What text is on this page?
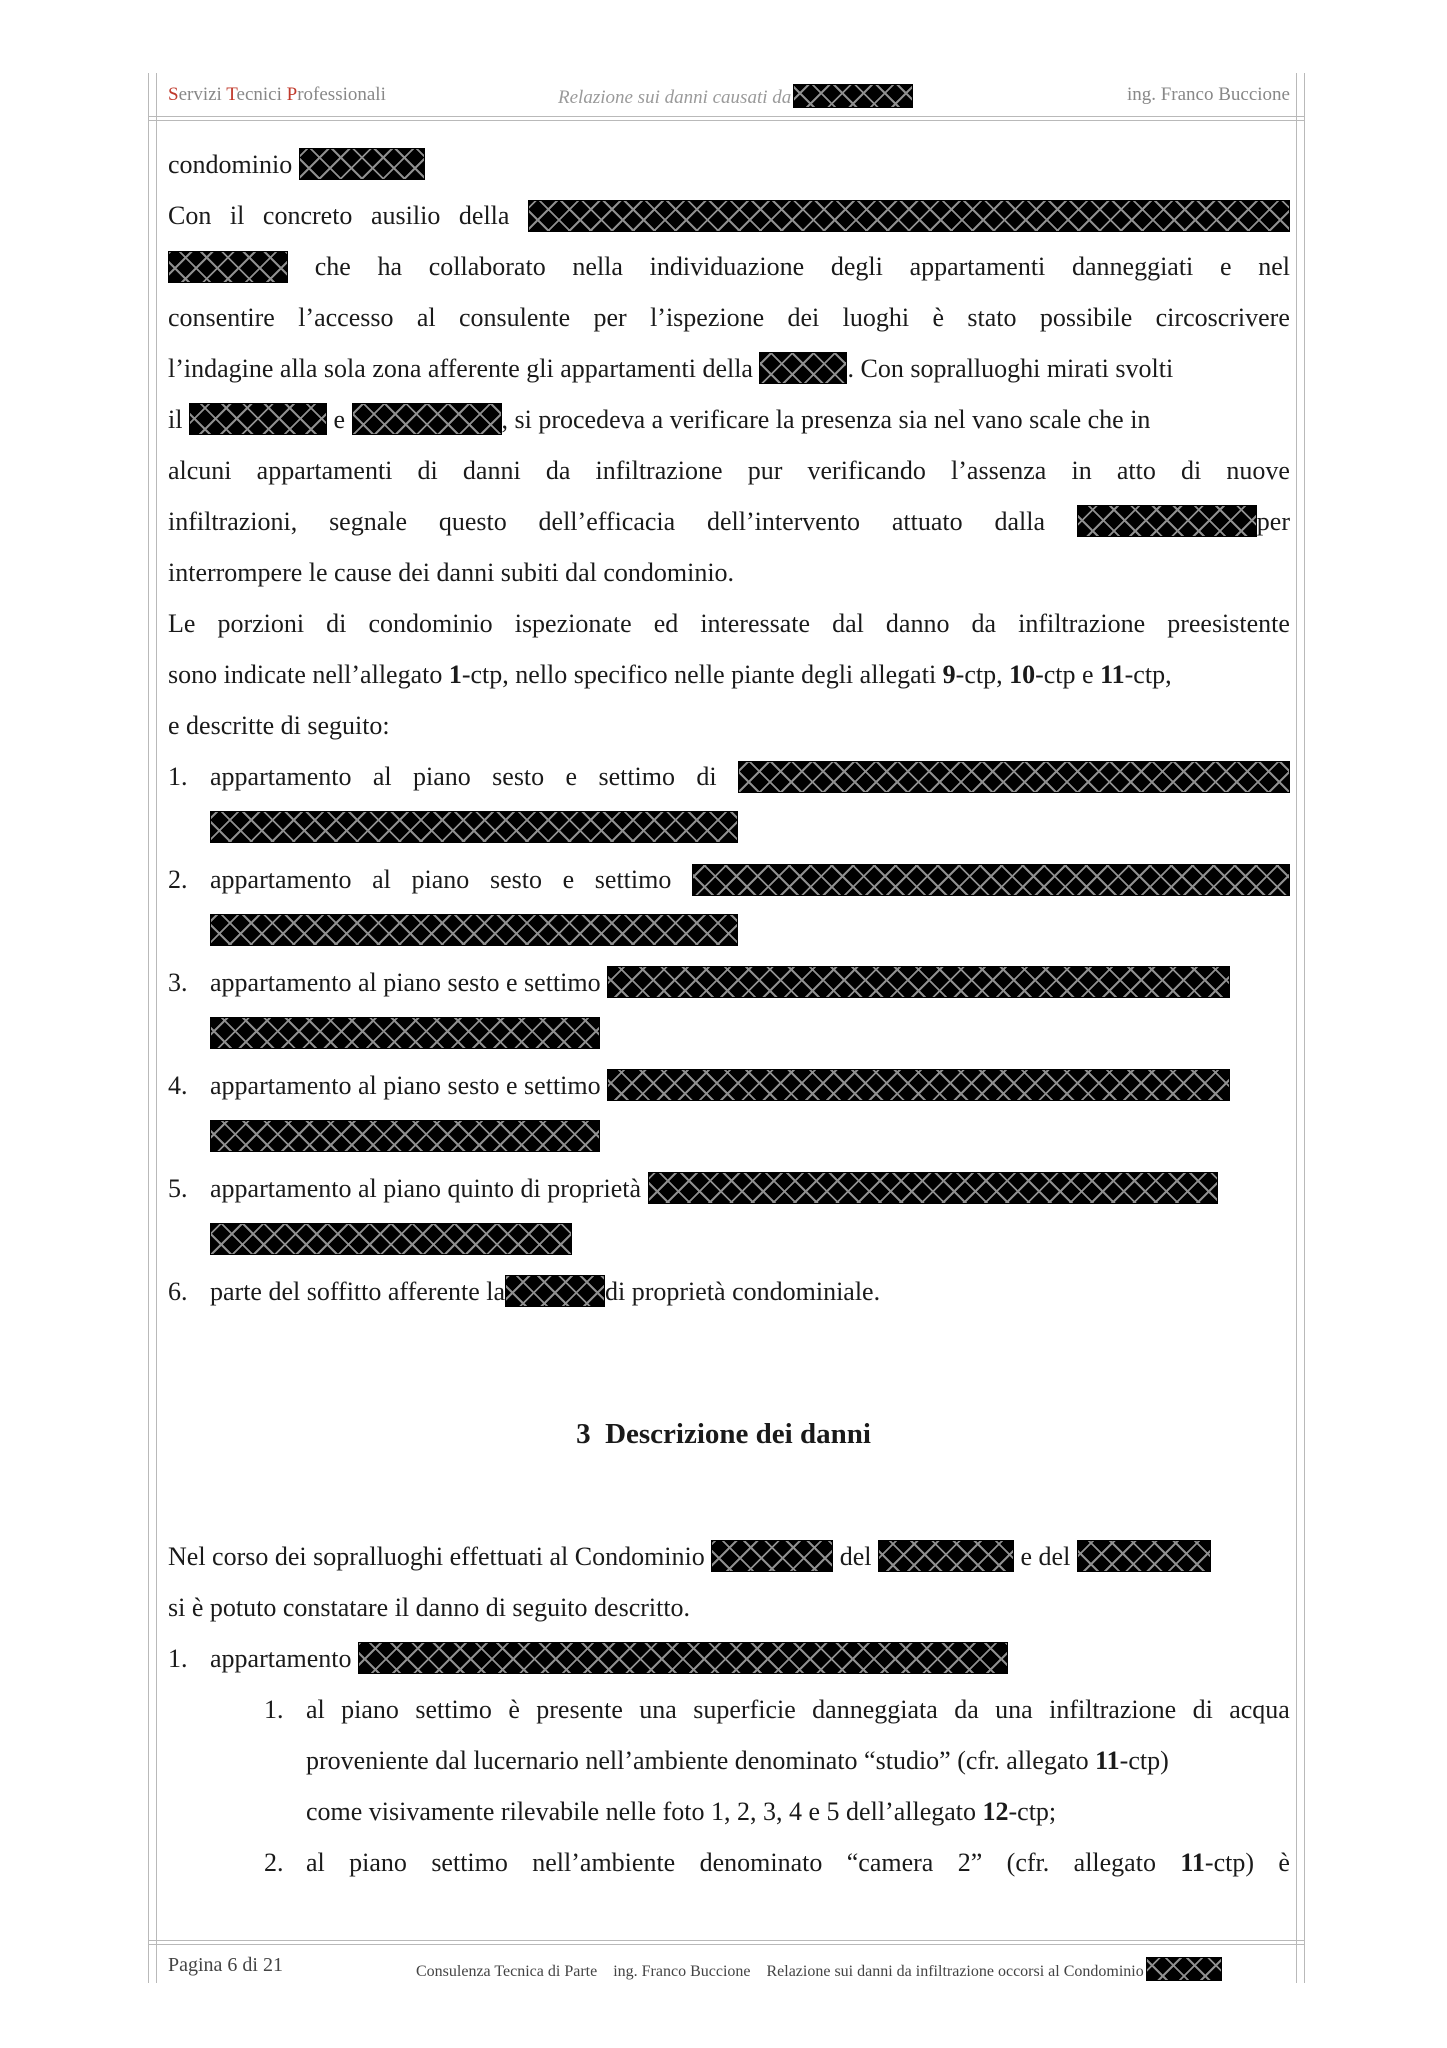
Servizi Tecnici Professionali	Relazione sui danni causati da	ing. Franco Buccione
condominio
Con il concreto ausilio della
che ha collaborato nella individuazione degli appartamenti danneggiati e nel
consentire l’accesso al consulente per l’ispezione dei luoghi è stato possibile circoscrivere
l’indagine alla sola zona afferente gli appartamenti della	. Con sopralluoghi mirati svolti
il	e	, si procedeva a verificare la presenza sia nel vano scale che in
alcuni appartamenti di danni da infiltrazione pur verificando l’assenza in atto di nuove
infiltrazioni, segnale questo dell’efficacia dell’intervento attuato dalla	per
interrompere le cause dei danni subiti dal condominio.
Le porzioni di condominio ispezionate ed interessate dal danno da infiltrazione preesistente
sono indicate nell’allegato 1-ctp, nello specifico nelle piante degli allegati 9-ctp, 10-ctp e 11-ctp,
e descritte di seguito:
1. appartamento al piano sesto e settimo di
2. appartamento al piano sesto e settimo
3. appartamento al piano sesto e settimo
4. appartamento al piano sesto e settimo
5. appartamento al piano quinto di proprietà
6. parte del soffitto afferente la	di proprietà condominiale.
Nel corso dei sopralluoghi effettuati al Condominio	del	e del
si è potuto constatare il danno di seguito descritto.
1. appartamento
1. al piano settimo è presente una superficie danneggiata da una infiltrazione di acqua
proveniente dal lucernario nell’ambiente denominato “studio” (cfr. allegato 11-ctp)
come visivamente rilevabile nelle foto 1, 2, 3, 4 e 5 dell’allegato 12-ctp;
2. al piano settimo nell’ambiente denominato “camera 2” (cfr. allegato 11-ctp) è
3 Descrizione dei danni
Pagina 6 di 21	Consulenza Tecnica di Parte    ing. Franco Buccione    Relazione sui danni da infiltrazione occorsi al Condominio
